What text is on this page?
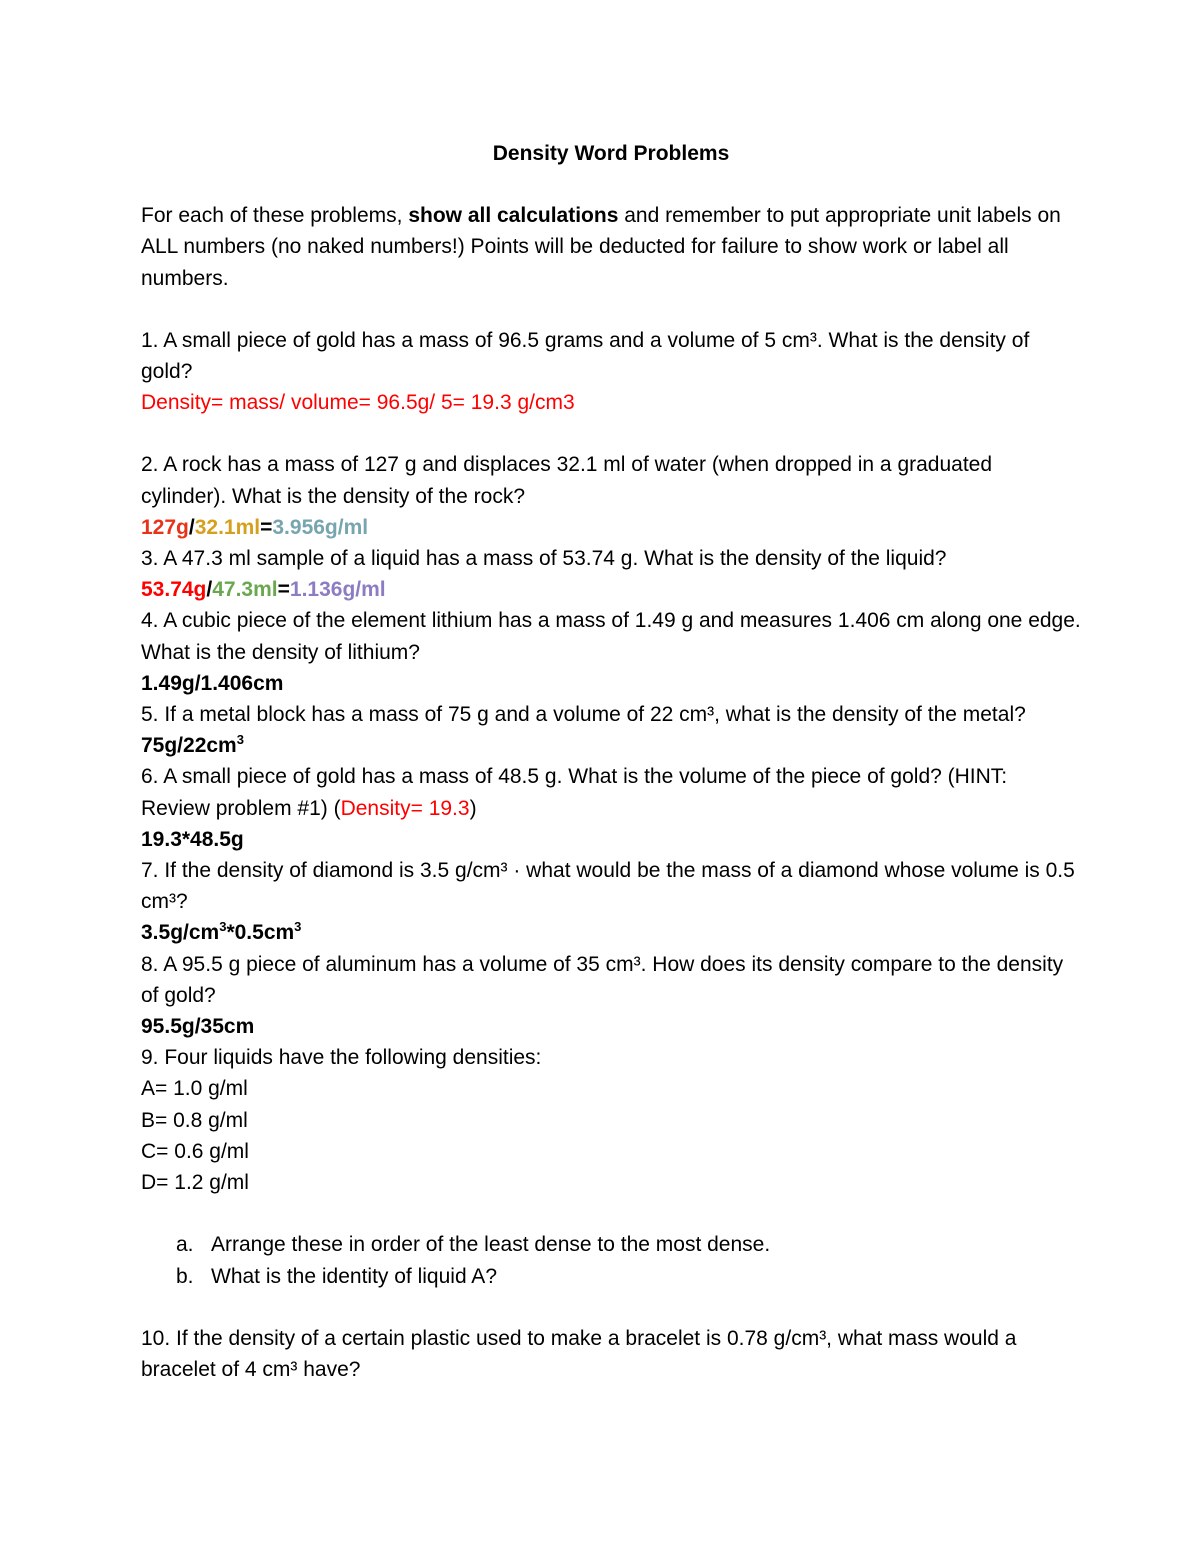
Density Word Problems

For each of these problems, show all calculations and remember to put appropriate unit labels on ALL numbers (no naked numbers!) Points will be deducted for failure to show work or label all numbers.

1. A small piece of gold has a mass of 96.5 grams and a volume of 5 cm³. What is the density of gold?

Density= mass/ volume= 96.5g/ 5= 19.3 g/cm3

2. A rock has a mass of 127 g and displaces 32.1 ml of water (when dropped in a graduated cylinder). What is the density of the rock?

127g/32.1ml=3.956g/ml

3. A 47.3 ml sample of a liquid has a mass of 53.74 g. What is the density of the liquid?

53.74g/47.3ml=1.136g/ml

4. A cubic piece of the element lithium has a mass of 1.49 g and measures 1.406 cm along one edge. What is the density of lithium?

1.49g/1.406cm

5. If a metal block has a mass of 75 g and a volume of 22 cm³, what is the density of the metal?

$75g/22cm^3$

6. A small piece of gold has a mass of 48.5 g. What is the volume of the piece of gold? (HINT: Review problem #1) (Density= 19.3)

19.3*48.5g

7. If the density of diamond is 3.5 g/cm³ · what would be the mass of a diamond whose volume is 0.5 cm³?

$3.5g/cm^3*0.5cm^3$

8. A 95.5 g piece of aluminum has a volume of 35 cm³. How does its density compare to the density of gold?

95.5g/35cm

9. Four liquids have the following densities:

A= 1.0 g/ml

B= 0.8 g/ml

C= 0.6 g/ml

D= 1.2 g/ml

a. Arrange these in order of the least dense to the most dense.
b. What is the identity of liquid A?

10. If the density of a certain plastic used to make a bracelet is 0.78 g/cm³, what mass would a bracelet of 4 cm³ have?
